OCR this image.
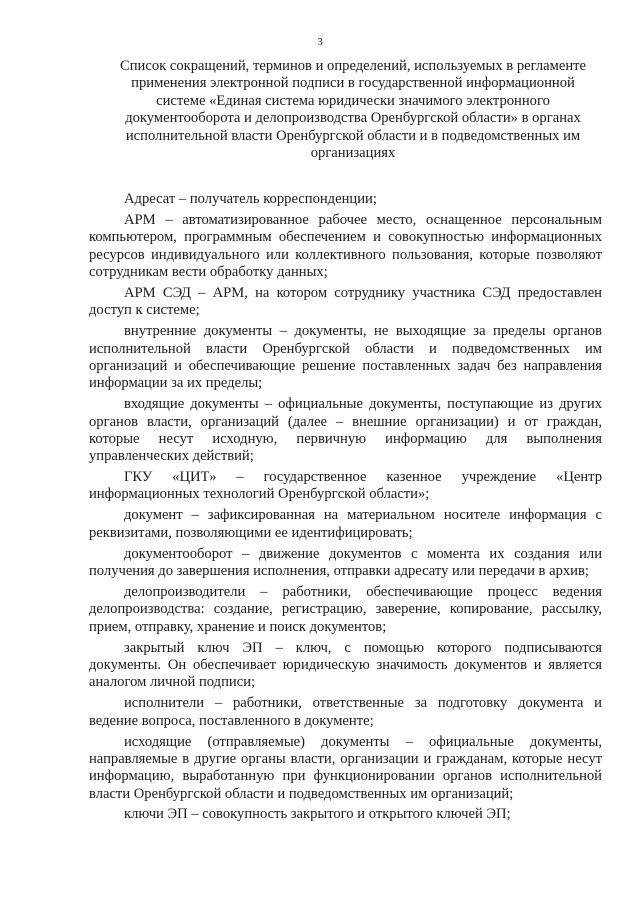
3
Список сокращений, терминов и определений, используемых в регламенте применения электронной подписи в государственной информационной системе «Единая система юридически значимого электронного документооборота и делопроизводства Оренбургской области» в органах исполнительной власти Оренбургской области и в подведомственных им организациях

Адресат – получатель корреспонденции;

АРМ – автоматизированное рабочее место, оснащенное персональным компьютером, программным обеспечением и совокупностью информационных ресурсов индивидуального или коллективного пользования, которые позволяют сотрудникам вести обработку данных;

АРМ СЭД – АРМ, на котором сотруднику участника СЭД предоставлен доступ к системе;

внутренние документы – документы, не выходящие за пределы органов исполнительной власти Оренбургской области и подведомственных им организаций и обеспечивающие решение поставленных задач без направления информации за их пределы;

входящие документы – официальные документы, поступающие из других органов власти, организаций (далее – внешние организации) и от граждан, которые несут исходную, первичную информацию для выполнения управленческих действий;

ГКУ «ЦИТ» – государственное казенное учреждение «Центр информационных технологий Оренбургской области»;

документ – зафиксированная на материальном носителе информация с реквизитами, позволяющими ее идентифицировать;

документооборот – движение документов с момента их создания или получения до завершения исполнения, отправки адресату или передачи в архив;

делопроизводители – работники, обеспечивающие процесс ведения делопроизводства: создание, регистрацию, заверение, копирование, рассылку, прием, отправку, хранение и поиск документов;

закрытый ключ ЭП – ключ, с помощью которого подписываются документы. Он обеспечивает юридическую значимость документов и является аналогом личной подписи;

исполнители – работники, ответственные за подготовку документа и ведение вопроса, поставленного в документе;

исходящие (отправляемые) документы – официальные документы, направляемые в другие органы власти, организации и гражданам, которые несут информацию, выработанную при функционировании органов исполнительной власти Оренбургской области и подведомственных им организаций;

ключи ЭП – совокупность закрытого и открытого ключей ЭП;
